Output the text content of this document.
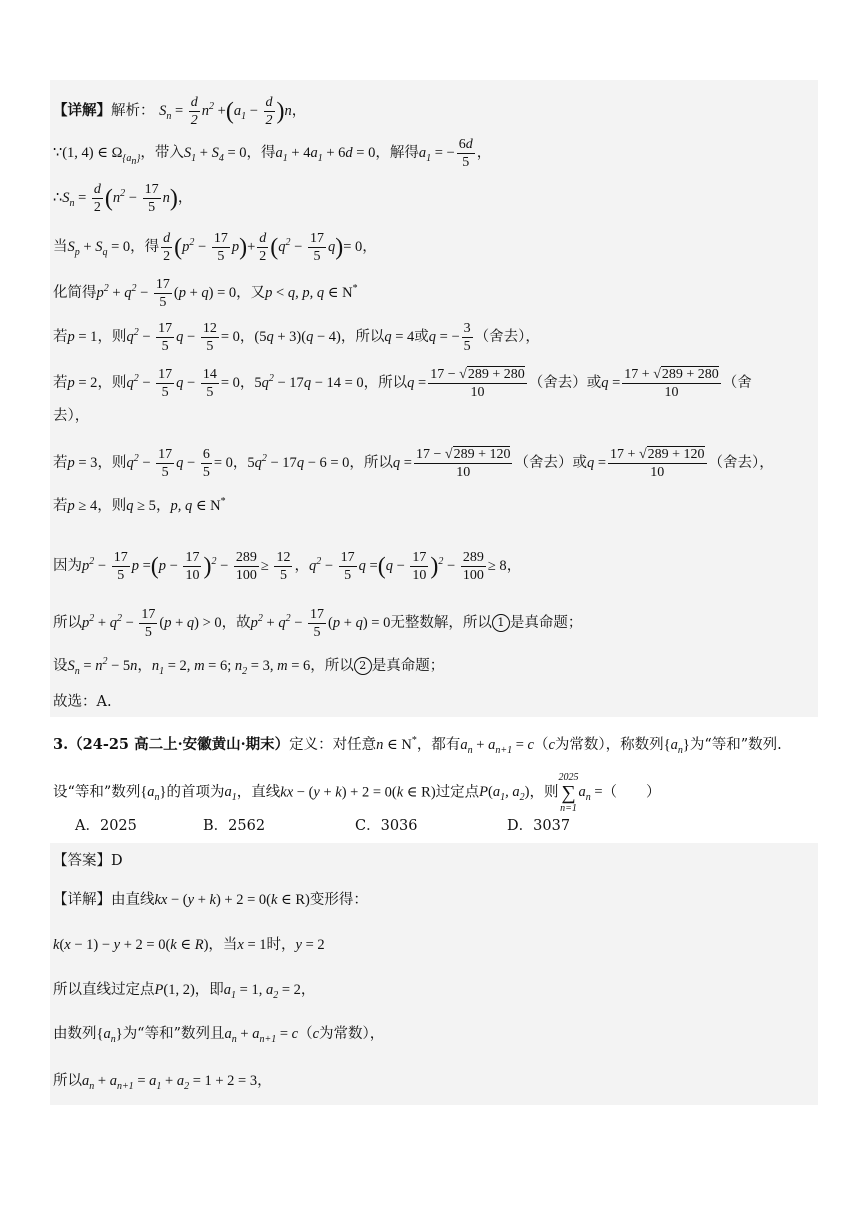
【详解】解析： $S_n = \frac{d}{2} n^2 +(a_1 - \frac{d}{2} )n$，
∵(1, 4) ∈ $\Omega_{\{a_n\}}$，带入$S_1 + S_4 = 0$，得$a_1 + 4a_1 + 6d = 0$，解得$a_1$ = − $\frac{6d}{5}$ ，
$\therefore S_n = \frac{d}{2} (n^2 - \frac{17}{5} n)$，
当$S_p + S_q = 0$，得 $\frac{d}{2} (p^2 - \frac{17}{5} p)+ \frac{d}{2} (q^2 - \frac{17}{5} q)= 0$，
化简得$p^2 + q^2 - \frac{17}{5} (p + q) = 0$，又p < q, p, q ∈ N*
若p = 1，则$q^2 - \frac{17}{5}$ $q - \frac{12}{5} = 0$，(5q + 3)(q − 4)，所以q = 4或q = − $\frac{3}{5}$ （舍去），
若p = 2，则$q^2 - \frac{17}{5}$ $q - \frac{14}{5} = 0$，$5q^2 - 17q - 14 = 0$，所以$q = \frac{17 - √289 + 280}{10}$ （舍去）或$q = \frac{17 + √289 + 280}{10}$ （舍
去），
若p = 3，则$q^2 - \frac{17}{5}$ $q - \frac{6}{5} = 0$，$5q^2 - 17q - 6 = 0$，所以$q = \frac{17 - √289 + 120}{10}$ （舍去）或$q = \frac{17 + √289 + 120}{10}$ （舍去），
若p ≥ 4，则q ≥ 5，p, q ∈ N*
因为$p^2 - \frac{17}{5}$ $p =(p - \frac{17}{10} )^2 - \frac{289}{100} \ge \frac{12}{5}$ ，$q^2 - \frac{17}{5}$ $q =(q - \frac{17}{10} )^2 - \frac{289}{100} \ge 8$，
所以$p^2 + q^2 - \frac{17}{5} (p + q) > 0$，故$p^2 + q^2 - \frac{17}{5} (p + q) = 0$无整数解，所以 1 是真命题；
设$S_n = n^2 - 5n$，$n_1 = 2$, m = 6; $n_2 = 3$, m = 6，所以 2 是真命题；
故选：A.
3.（24-25 高二上·安徽黄山·期末）定义：对任意n ∈ N*，都有$a_n + a_{n+1} = c(c$为常数），称数列$\{a_n\}$为“等和”数列.
设“等和”数列$\{a_n\}$的首项为$a_1$，直线kx − (y + k) + 2 = 0(k ∈ R)过定点$P(a_1$, $a_2$)，则2025
∑
$n=1a_n$ =（　　）
A．2025	B．2562	C．3036	D．3037
【答案】D
【详解】由直线kx − (y + k) + 2 = 0(k ∈ R)变形得：
k(x − 1) − y + 2 = 0(k ∈ R)，当x = 1时，y = 2
所以直线过定点P(1, 2)，即$a_1 = 1$, $a_2 = 2$，
由数列$\{a_n\}$为“等和”数列且$a_n + a_{n+1} = c(c$为常数），
所以$a_n + a_{n+1} = a_1 + a_2 = 1 + 2 = 3$，
